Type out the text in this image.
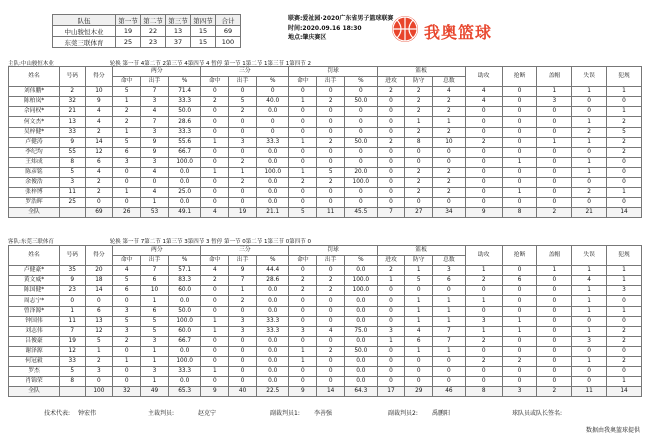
队伍	第一节	第二节	第三节	第四节	合计
中山骏恒木业	19	22	13	15	69
东莞三联体育	25	23	37	15	100
联赛:爱祉园·2020广东省男子篮球联赛
时间:2020.09.16 18:30
地点:肇庆赛区	我奥篮球
主队:中山骏恒木业	轮换 第一节 4第二节 2第三节 4第四节 4 暂停 第一节 1第二节 1第三节 1第四节 2
姓名	号码	得分	两分			三分			罚球			篮板			助攻	抢断	盖帽	失误	犯规
			命中	出手	%	命中	出手	%	命中	出手	%	进攻	防守	总数					
刘伟鹏*	2	10	5	7	71.4	0	0	0	0	0	0	2	2	4	4	0	1	1	1
陈柏岚*	32	9	1	3	33.3	2	5	40.0	1	2	50.0	0	2	2	4	0	3	0	0
佘同权*	21	4	2	4	50.0	0	2	0.0	0	0	0	0	2	2	0	0	0	0	1
何文杰*	13	4	2	7	28.6	0	0	0	0	0	0	0	1	1	0	0	0	1	2
吴梓健*	33	2	1	3	33.3	0	0	0	0	0	0	0	2	2	0	0	0	2	5
卢健涛	9	14	5	9	55.6	1	3	33.3	1	2	50.0	2	8	10	2	0	1	1	2
李纪均	55	12	6	9	66.7	0	0	0.0	0	0	0	0	0	0	0	0	0	0	2
王炜成	8	6	3	3	100.0	0	2	0.0	0	0	0	0	0	0	0	1	0	1	0
陈彦铭	5	4	0	4	0.0	1	1	100.0	1	5	20.0	0	2	2	0	0	0	1	0
余俊浩	3	2	0	0	0.0	0	2	0.0	2	2	100.0	0	2	2	0	0	0	0	0
张梓博	11	2	1	4	25.0	0	0	0.0	0	0	0	0	2	2	0	1	0	2	1
罗浩晖	25	0	0	1	0.0	0	0	0.0	0	0	0	0	0	0	0	0	0	0	0
全队		69	26	53	49.1	4	19	21.1	5	11	45.5	7	27	34	9	8	2	21	14
客队:东莞三联体育	轮换 第一节 7第二节 1第三节 3第四节 3 暂停 第一节 0第二节 1第三节 0第四节 0
姓名	号码	得分	两分			三分			罚球			篮板			助攻	抢断	盖帽	失误	犯规
			命中	出手	%	命中	出手	%	命中	出手	%	进攻	防守	总数					
卢健豪*	35	20	4	7	57.1	4	9	44.4	0	0	0.0	2	1	3	1	0	1	1	1
黄文威*	9	18	5	6	83.3	2	7	28.6	2	2	100.0	1	5	6	2	6	0	4	1
陈国健*	23	14	6	10	60.0	0	1	0.0	2	2	100.0	0	0	0	0	0	0	1	3
周志宁*	0	0	0	1	0.0	0	2	0.0	0	0	0.0	0	1	1	1	0	0	1	0
曾泽源*	1	6	3	6	50.0	0	0	0.0	0	0	0.0	0	1	1	0	0	0	1	1
钟国伟	11	13	5	5	100.0	1	3	33.3	0	0	0.0	0	1	1	3	1	0	0	0
刘志伟	7	12	3	5	60.0	1	3	33.3	3	4	75.0	3	4	7	1	1	0	1	2
吕俊豪	19	5	2	3	66.7	0	0	0.0	0	0	0.0	1	6	7	2	0	0	3	2
谢泽源	12	1	0	1	0.0	0	0	0.0	1	2	50.0	0	1	1	0	0	0	0	0
何冠毅	33	2	1	1	100.0	0	0	0.0	1	0	0.0	0	0	0	2	2	0	1	2
罗杰	5	3	0	3	33.3	1	0	0.0	0	0	0.0	0	0	0	0	0	0	0	0
肖锦荣	8	0	0	1	0.0	0	0	0.0	0	0	0.0	0	0	0	0	0	0	0	1
全队		100	32	49	65.3	9	40	22.5	9	14	64.3	17	29	46	8	3	2	11	14
技术代表: 钟宏伟	主裁判员:	赵克宁	副裁判员1: 李善强	副裁判员2: 禹鹏阳	球队员或队长签名:
数据由我奥篮球提供
